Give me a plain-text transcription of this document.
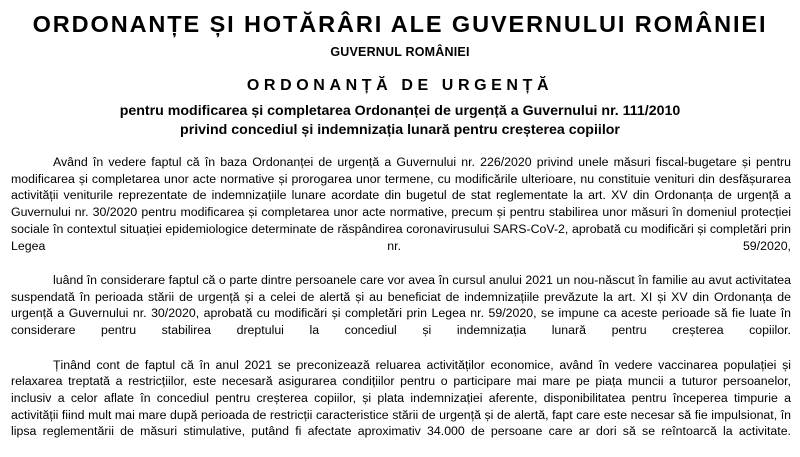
ORDONANȚE ȘI HOTĂRÂRI ALE GUVERNULUI ROMÂNIEI
GUVERNUL ROMÂNIEI
ORDONANȚĂ DE URGENȚĂ
pentru modificarea și completarea Ordonanței de urgență a Guvernului nr. 111/2010
privind concediul și indemnizația lunară pentru creșterea copiilor

Având în vedere faptul că în baza Ordonanței de urgență a Guvernului nr. 226/2020 privind unele măsuri fiscal-bugetare și pentru modificarea și completarea unor acte normative și prorogarea unor termene, cu modificările ulterioare, nu constituie venituri din desfășurarea activității veniturile reprezentate de indemnizațiile lunare acordate din bugetul de stat reglementate la art. XV din Ordonanța de urgență a Guvernului nr. 30/2020 pentru modificarea și completarea unor acte normative, precum și pentru stabilirea unor măsuri în domeniul protecției sociale în contextul situației epidemiologice determinate de răspândirea coronavirusului SARS-CoV-2, aprobată cu modificări și completări prin Legea nr. 59/2020,

luând în considerare faptul că o parte dintre persoanele care vor avea în cursul anului 2021 un nou-născut în familie au avut activitatea suspendată în perioada stării de urgență și a celei de alertă și au beneficiat de indemnizațiile prevăzute la art. XI și XV din Ordonanța de urgență a Guvernului nr. 30/2020, aprobată cu modificări și completări prin Legea nr. 59/2020, se impune ca aceste perioade să fie luate în considerare pentru stabilirea dreptului la concediul și indemnizația lunară pentru creșterea copiilor.

Ținând cont de faptul că în anul 2021 se preconizează reluarea activităților economice, având în vedere vaccinarea populației și relaxarea treptată a restricțiilor, este necesară asigurarea condițiilor pentru o participare mai mare pe piața muncii a tuturor persoanelor, inclusiv a celor aflate în concediul pentru creșterea copiilor, și plata indemnizației aferente, disponibilitatea pentru începerea timpurie a activității fiind mult mai mare după perioada de restricții caracteristice stării de urgență și de alertă, fapt care este necesar să fie impulsionat, în lipsa reglementării de măsuri stimulative, putând fi afectate aproximativ 34.000 de persoane care ar dori să se reîntoarcă la activitate.
